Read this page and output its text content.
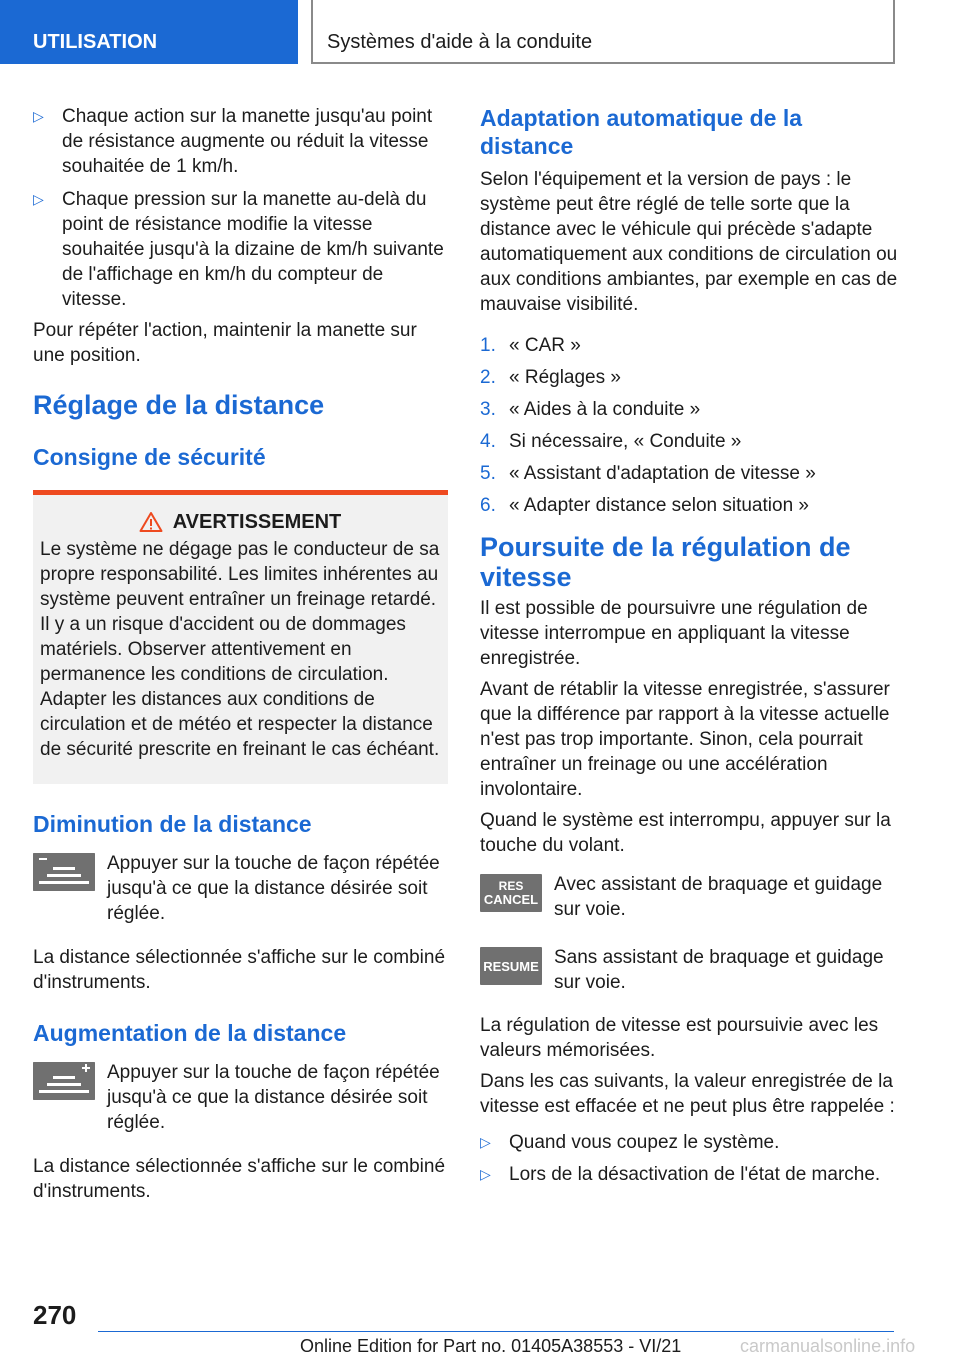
UTILISATION	Systèmes d'aide à la conduite
▷ Chaque action sur la manette jusqu'au point de résistance augmente ou réduit la vitesse souhaitée de 1 km/h.
▷ Chaque pression sur la manette au-delà du point de résistance modifie la vitesse souhaitée jusqu'à la dizaine de km/h suivante de l'affichage en km/h du compteur de vitesse.

Pour répéter l'action, maintenir la manette sur une position.

Réglage de la distance
Consigne de sécurité
AVERTISSEMENT

Le système ne dégage pas le conducteur de sa propre responsabilité. Les limites inhérentes au système peuvent entraîner un freinage retardé. Il y a un risque d'accident ou de dommages matériels. Observer attentivement en permanence les conditions de circulation. Adapter les distances aux conditions de circulation et de météo et respecter la distance de sécurité prescrite en freinant le cas échéant.

Diminution de la distance

Appuyer sur la touche de façon répétée jusqu'à ce que la distance désirée soit réglée.

La distance sélectionnée s'affiche sur le combiné d'instruments.

Augmentation de la distance

Appuyer sur la touche de façon répétée jusqu'à ce que la distance désirée soit réglée.

La distance sélectionnée s'affiche sur le combiné d'instruments.

Adaptation automatique de la distance

Selon l'équipement et la version de pays : le système peut être réglé de telle sorte que la distance avec le véhicule qui précède s'adapte automatiquement aux conditions de circulation ou aux conditions ambiantes, par exemple en cas de mauvaise visibilité.

1. « CAR »
2. « Réglages »
3. « Aides à la conduite »
4. Si nécessaire, « Conduite »
5. « Assistant d'adaptation de vitesse »
6. « Adapter distance selon situation »
Poursuite de la régulation de vitesse

Il est possible de poursuivre une régulation de vitesse interrompue en appliquant la vitesse enregistrée.

Avant de rétablir la vitesse enregistrée, s'assurer que la différence par rapport à la vitesse actuelle n'est pas trop importante. Sinon, cela pourrait entraîner un freinage ou une accélération involontaire.

Quand le système est interrompu, appuyer sur la touche du volant.

RES
CANCEL

Avec assistant de braquage et guidage sur voie.

RESUME Sans assistant de braquage et guidage sur voie.

La régulation de vitesse est poursuivie avec les valeurs mémorisées.

Dans les cas suivants, la valeur enregistrée de la vitesse est effacée et ne peut plus être rappelée :

▷ Quand vous coupez le système.
▷ Lors de la désactivation de l'état de marche.
270
Online Edition for Part no. 01405A38553 - VI/21	carmanualsonline.info
